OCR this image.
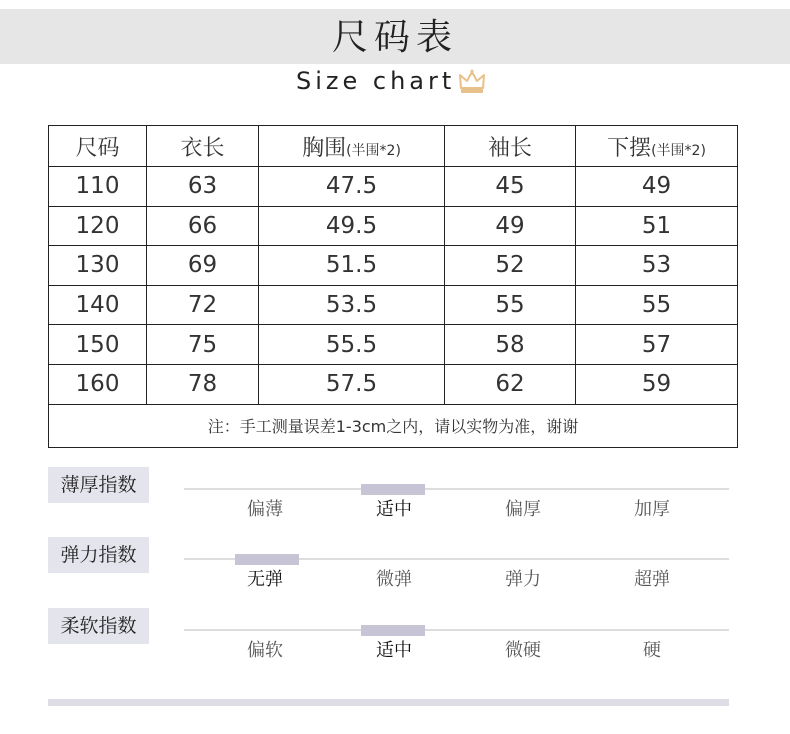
尺码表
Size chart
尺码	衣长	胸围(半围*2)	袖长	下摆(半围*2)
110	63	47.5	45	49
120	66	49.5	49	51
130	69	51.5	52	53
140	72	53.5	55	55
150	75	55.5	58	57
160	78	57.5	62	59
注：手工测量误差1-3cm之内，请以实物为准，谢谢				
薄厚指数
偏薄	适中	偏厚	加厚
弹力指数
无弹	微弹	弹力	超弹
柔软指数
偏软	适中	微硬	硬
